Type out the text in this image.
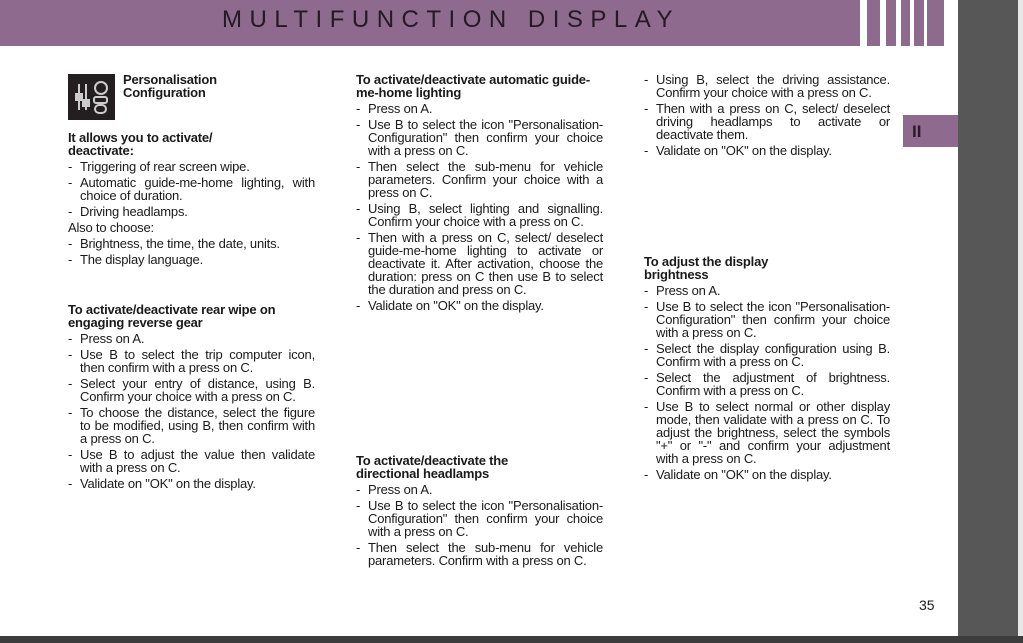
MULTIFUNCTION DISPLAY
II
Personalisation Configuration
It allows you to activate/ deactivate:
- Triggering of rear screen wipe.
- Automatic guide-me-home lighting, with choice of duration.
- Driving headlamps.

Also to choose:

- Brightness, the time, the date, units.
- The display language.
To activate/deactivate rear wipe on engaging reverse gear
- Press on A.
- Use B to select the trip computer icon, then confirm with a press on C.
- Select your entry of distance, using B. Confirm your choice with a press on C.
- To choose the distance, select the figure to be modified, using B, then confirm with a press on C.
- Use B to adjust the value then validate with a press on C.
- Validate on "OK" on the display.
To activate/deactivate automatic guide-me-home lighting
- Press on A.
- Use B to select the icon "Personalisation-Configuration" then confirm your choice with a press on C.
- Then select the sub-menu for vehicle parameters. Confirm your choice with a press on C.
- Using B, select lighting and signalling. Confirm your choice with a press on C.
- Then with a press on C, select/ deselect guide-me-home lighting to activate or deactivate it. After activation, choose the duration: press on C then use B to select the duration and press on C.
- Validate on "OK" on the display.
To activate/deactivate the directional headlamps
- Press on A.
- Use B to select the icon "Personalisation-Configuration" then confirm your choice with a press on C.
- Then select the sub-menu for vehicle parameters. Confirm with a press on C.
- Using B, select the driving assistance. Confirm your choice with a press on C.
- Then with a press on C, select/ deselect driving headlamps to activate or deactivate them.
- Validate on "OK" on the display.
To adjust the display brightness
- Press on A.
- Use B to select the icon "Personalisation-Configuration" then confirm your choice with a press on C.
- Select the display configuration using B. Confirm with a press on C.
- Select the adjustment of brightness. Confirm with a press on C.
- Use B to select normal or other display mode, then validate with a press on C. To adjust the brightness, select the symbols "+" or "-" and confirm your adjustment with a press on C.
- Validate on "OK" on the display.
35
